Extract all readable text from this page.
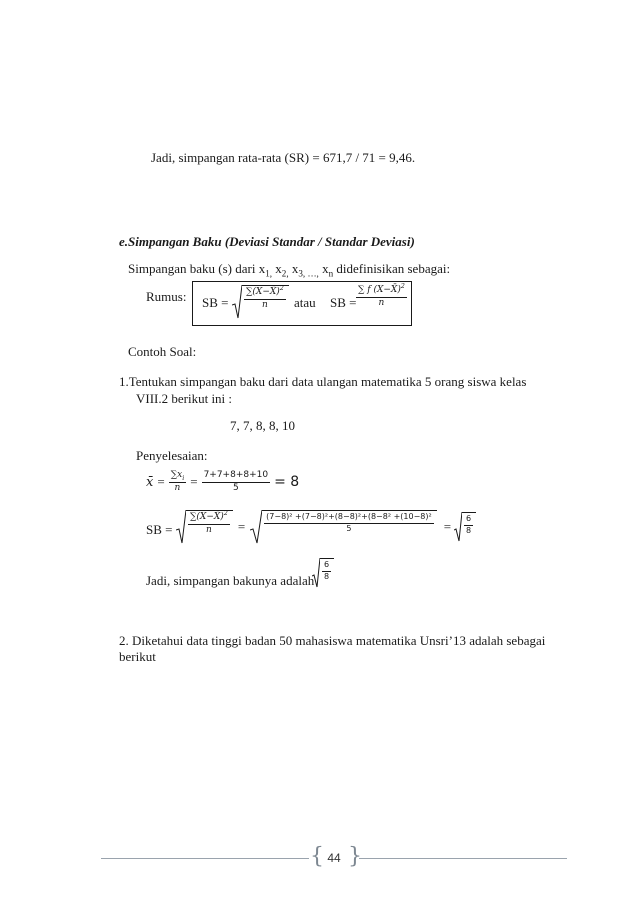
Jadi, simpangan rata-rata (SR) = 671,7 / 71 = 9,46.
e.Simpangan Baku (Deviasi Standar / Standar Deviasi)
Simpangan baku (s) dari $x_{1,}$ $x_{2,}$ $x_{3, \dots,}$ $x_n$ didefinisikan sebagai:
Rumus: SB = $\frac{\sum(X-X̄)^2}{n}$ atau SB = $\frac{\sum f (X-X̄)^2}{n}$
Contoh Soal:
1.Tentukan simpangan baku dari data ulangan matematika 5 orang siswa kelas
VIII.2 berikut ini :
7, 7, 8, 8, 10
Penyelesaian:
x̄ = $\frac{\sum x_i}{n} = \frac{7+7+8+8+10}{5} = 8$
SB = $\frac{\sum(X-X̄)^2}{n} = \frac{\text{(7−8)² +(7−8)²+(8−8)²+(8−8² +(10−8)²}}{5} = \frac{6}{8}$
Jadi, simpangan bakunya adalah $\frac{6}{8}$
2. Diketahui data tinggi badan 50 mahasiswa matematika Unsri’13 adalah sebagai
berikut
{ }
44
